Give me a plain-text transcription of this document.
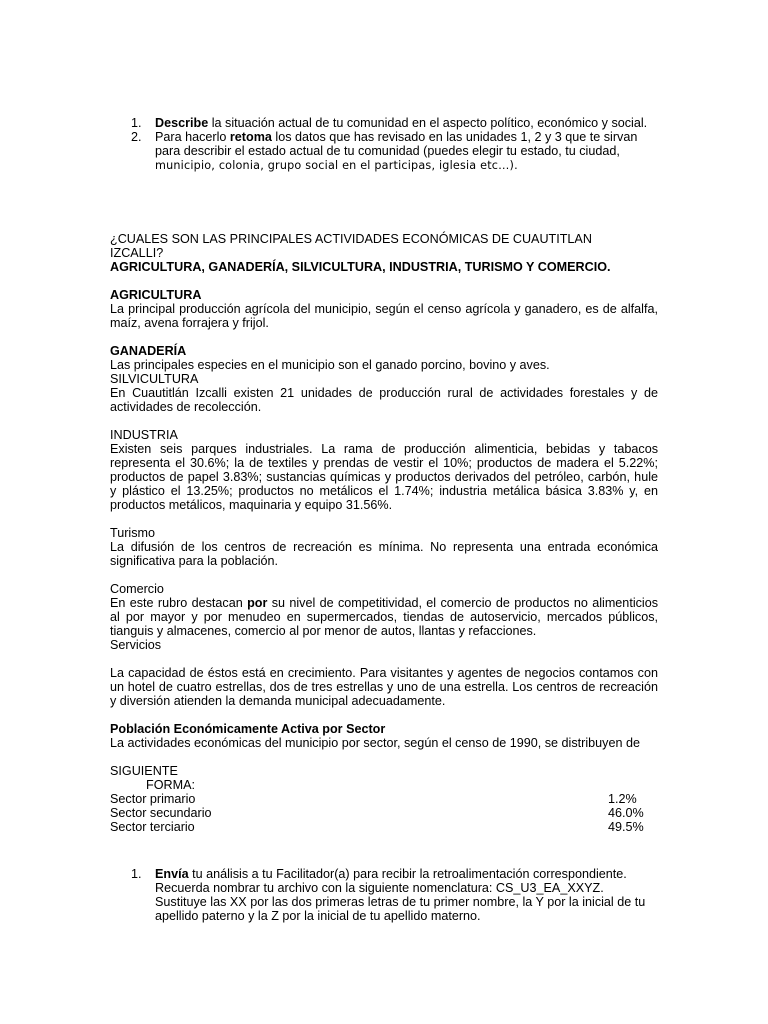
1. Describe la situación actual de tu comunidad en el aspecto político, económico y social.
2. Para hacerlo retoma los datos que has revisado en las unidades 1, 2 y 3 que te sirvan para describir el estado actual de tu comunidad (puedes elegir tu estado, tu ciudad, municipio, colonia, grupo social en el participas, iglesia etc…).

¿CUALES SON LAS PRINCIPALES ACTIVIDADES ECONÓMICAS DE CUAUTITLAN IZCALLI?

AGRICULTURA, GANADERÍA, SILVICULTURA, INDUSTRIA, TURISMO Y COMERCIO.

AGRICULTURA

La principal producción agrícola del municipio, según el censo agrícola y ganadero, es de alfalfa, maíz, avena forrajera y frijol.

GANADERÍA

Las principales especies en el municipio son el ganado porcino, bovino y aves.

SILVICULTURA

En Cuautitlán Izcalli existen 21 unidades de producción rural de actividades forestales y de actividades de recolección.

INDUSTRIA

Existen seis parques industriales. La rama de producción alimenticia, bebidas y tabacos representa el 30.6%; la de textiles y prendas de vestir el 10%; productos de madera el 5.22%; productos de papel 3.83%; sustancias químicas y productos derivados del petróleo, carbón, hule y plástico el 13.25%; productos no metálicos el 1.74%; industria metálica básica 3.83% y, en productos metálicos, maquinaria y equipo 31.56%.

Turismo

La difusión de los centros de recreación es mínima. No representa una entrada económica significativa para la población.

Comercio

En este rubro destacan por su nivel de competitividad, el comercio de productos no alimenticios al por mayor y por menudeo en supermercados, tiendas de autoservicio, mercados públicos, tianguis y almacenes, comercio al por menor de autos, llantas y refacciones.

Servicios

La capacidad de éstos está en crecimiento. Para visitantes y agentes de negocios contamos con un hotel de cuatro estrellas, dos de tres estrellas y uno de una estrella. Los centros de recreación y diversión atienden la demanda municipal adecuadamente.

Población Económicamente Activa por Sector

La actividades económicas del municipio por sector, según el censo de 1990, se distribuyen de

SIGUIENTE

FORMA:

Sector primario	1.2%
Sector secundario	46.0%
Sector terciario	49.5%
1. Envía tu análisis a tu Facilitador(a) para recibir la retroalimentación correspondiente. Recuerda nombrar tu archivo con la siguiente nomenclatura: CS_U3_EA_XXYZ. Sustituye las XX por las dos primeras letras de tu primer nombre, la Y por la inicial de tu apellido paterno y la Z por la inicial de tu apellido materno.
